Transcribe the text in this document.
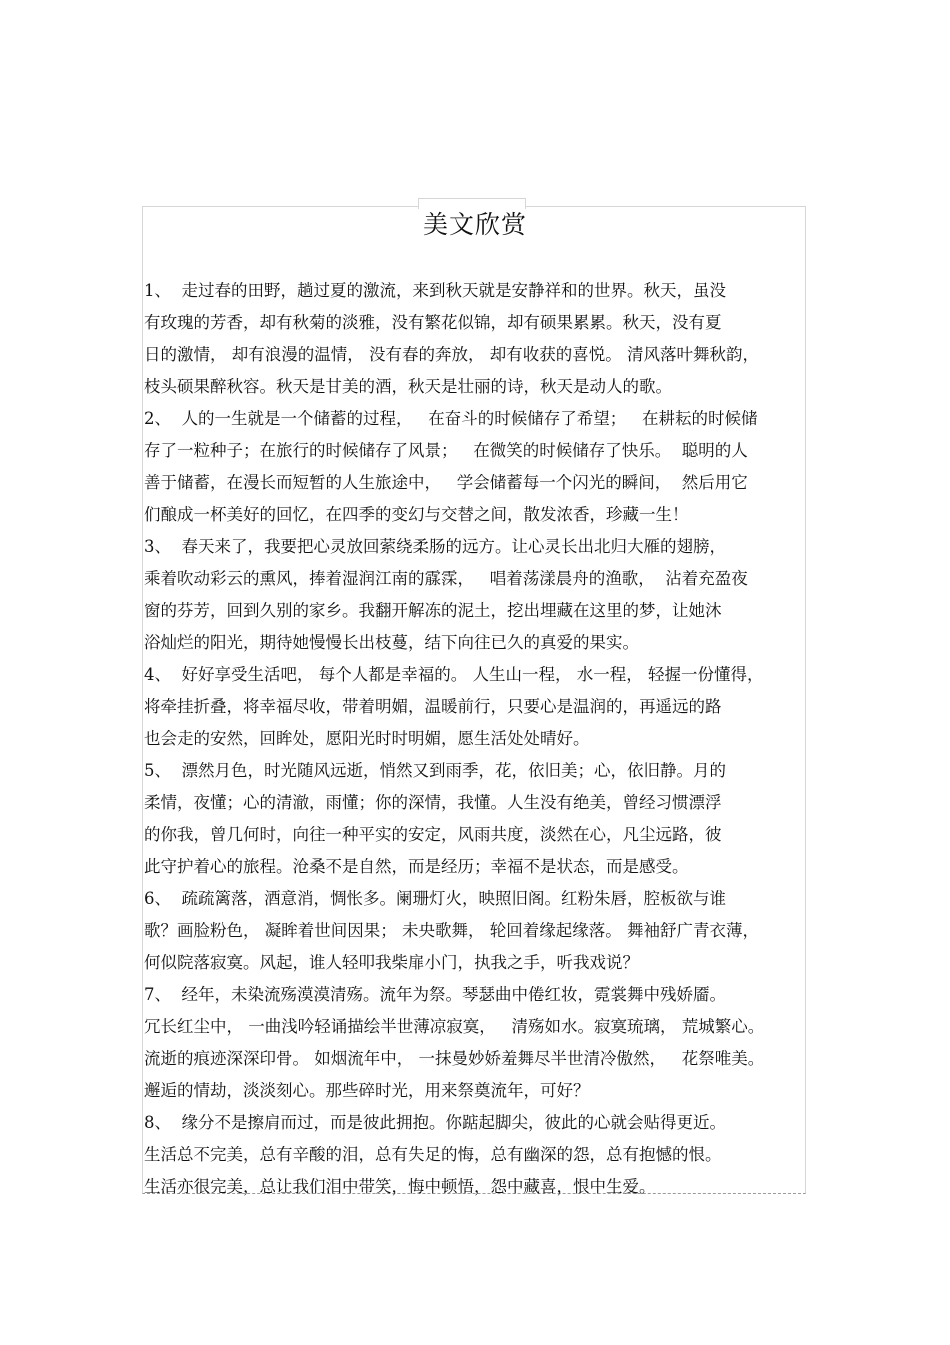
美文欣赏
1、  走过春的田野，趟过夏的激流，来到秋天就是安静祥和的世界。秋天，虽没
有玫瑰的芳香，却有秋菊的淡雅，没有繁花似锦，却有硕果累累。秋天，没有夏
日的激情， 却有浪漫的温情， 没有春的奔放， 却有收获的喜悦。 清风落叶舞秋韵，
枝头硕果醉秋容。秋天是甘美的酒，秋天是壮丽的诗，秋天是动人的歌。
2、  人的一生就是一个储蓄的过程，   在奋斗的时候储存了希望；   在耕耘的时候储
存了一粒种子；在旅行的时候储存了风景；   在微笑的时候储存了快乐。  聪明的人
善于储蓄，在漫长而短暂的人生旅途中，   学会储蓄每一个闪光的瞬间，  然后用它
们酿成一杯美好的回忆，在四季的变幻与交替之间，散发浓香，珍藏一生！
3、  春天来了，我要把心灵放回萦绕柔肠的远方。让心灵长出北归大雁的翅膀，
乘着吹动彩云的熏风，捧着湿润江南的霡霂，   唱着荡漾晨舟的渔歌，  沾着充盈夜
窗的芬芳，回到久别的家乡。我翻开解冻的泥土，挖出埋藏在这里的梦，让她沐
浴灿烂的阳光，期待她慢慢长出枝蔓，结下向往已久的真爱的果实。
4、  好好享受生活吧， 每个人都是幸福的。 人生山一程， 水一程， 轻握一份懂得，
将牵挂折叠，将幸福尽收，带着明媚，温暖前行，只要心是温润的，再遥远的路
也会走的安然，回眸处，愿阳光时时明媚，愿生活处处晴好。
5、  漂然月色，时光随风远逝，悄然又到雨季，花，依旧美；心，依旧静。月的
柔情，夜懂；心的清澈，雨懂；你的深情，我懂。人生没有绝美，曾经习惯漂浮
的你我，曾几何时，向往一种平实的安定，风雨共度，淡然在心，凡尘远路，彼
此守护着心的旅程。沧桑不是自然，而是经历；幸福不是状态，而是感受。
6、  疏疏篱落，酒意消，惆怅多。阑珊灯火，映照旧阁。红粉朱唇，腔板欲与谁
歌？画脸粉色， 凝眸着世间因果； 未央歌舞， 轮回着缘起缘落。 舞袖舒广青衣薄，
何似院落寂寞。风起，谁人轻叩我柴扉小门，执我之手，听我戏说？
7、  经年，未染流殇漠漠清殇。流年为祭。琴瑟曲中倦红妆，霓裳舞中残娇靥。
冗长红尘中， 一曲浅吟轻诵描绘半世薄凉寂寞，   清殇如水。寂寞琉璃， 荒城繁心。
流逝的痕迹深深印骨。 如烟流年中， 一抹曼妙娇羞舞尽半世清冷傲然，   花祭唯美。
邂逅的情劫，淡淡刻心。那些碎时光，用来祭奠流年，可好？
8、  缘分不是擦肩而过，而是彼此拥抱。你踮起脚尖，彼此的心就会贴得更近。
生活总不完美，总有辛酸的泪，总有失足的悔，总有幽深的怨，总有抱憾的恨。
生活亦很完美，总让我们泪中带笑，悔中顿悟，怨中藏喜，恨中生爱。
